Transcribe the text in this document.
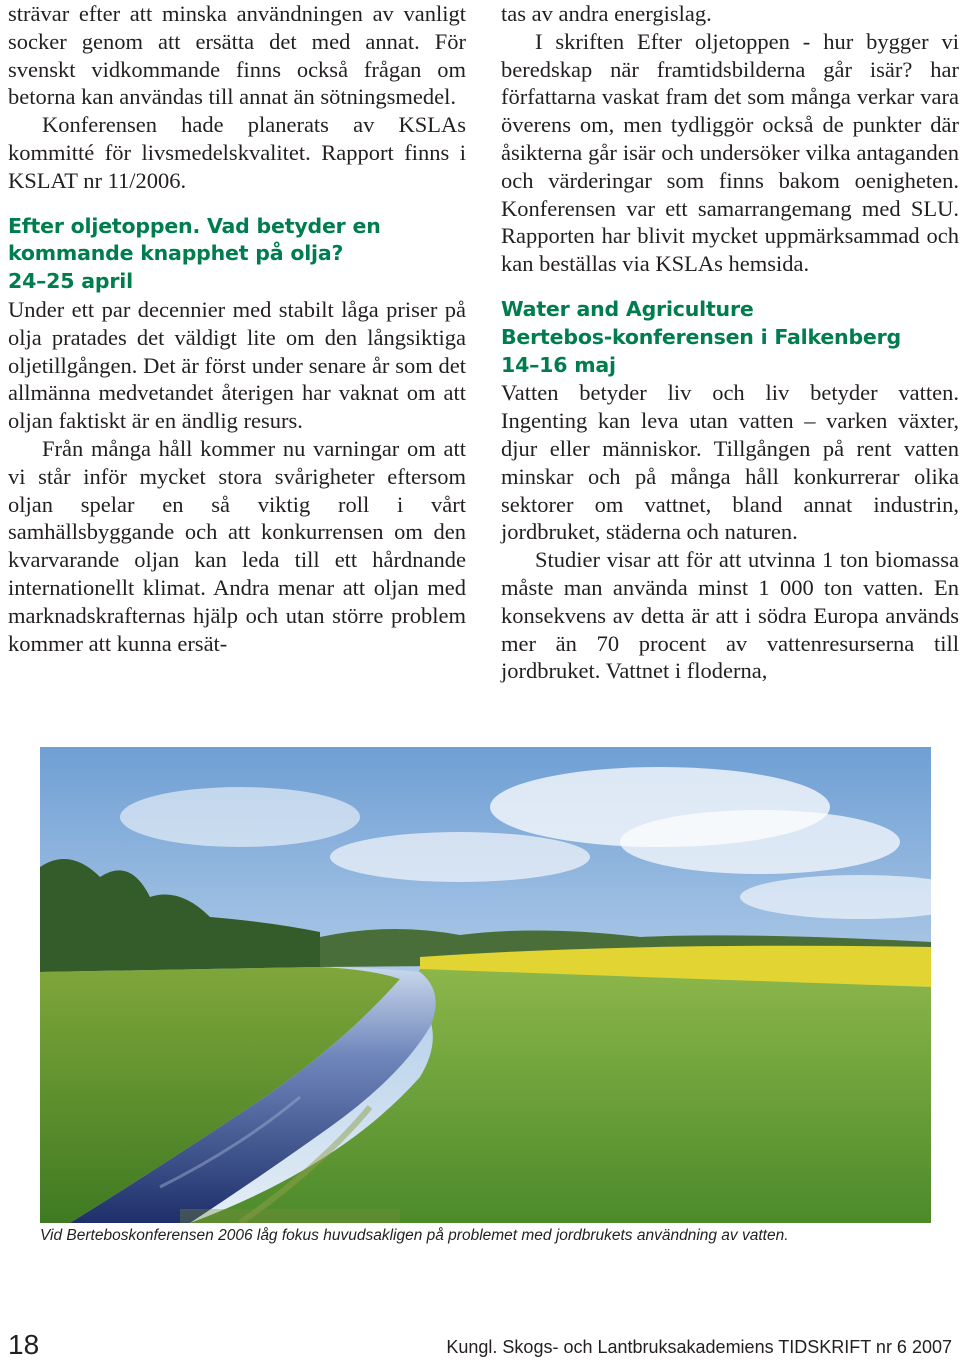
strävar efter att minska användningen av vanligt socker genom att ersätta det med annat. För svenskt vidkommande finns också frågan om betorna kan användas till annat än sötningsmedel.

Konferensen hade planerats av KSLAs kommitté för livsmedelskvalitet. Rapport finns i KSLAT nr 11/2006.

Efter oljetoppen. Vad betyder en
kommande knapphet på olja?
24–25 april

Under ett par decennier med stabilt låga priser på olja pratades det väldigt lite om den långsiktiga oljetillgången. Det är först under senare år som det allmänna medvetandet återigen har vaknat om att oljan faktiskt är en ändlig resurs.

Från många håll kommer nu varningar om att vi står inför mycket stora svårigheter eftersom oljan spelar en så viktig roll i vårt samhällsbyggande och att konkurrensen om den kvarvarande oljan kan leda till ett hårdnande internationellt klimat. Andra menar att oljan med marknadskrafternas hjälp och utan större problem kommer att kunna ersät-

tas av andra energislag.

I skriften Efter oljetoppen - hur bygger vi beredskap när framtidsbilderna går isär? har författarna vaskat fram det som många verkar vara överens om, men tydliggör också de punkter där åsikterna går isär och undersöker vilka antaganden och värderingar som finns bakom oenigheten. Konferensen var ett samarrangemang med SLU. Rapporten har blivit mycket uppmärksammad och kan beställas via KSLAs hemsida.

Water and Agriculture
Bertebos-konferensen i Falkenberg
14–16 maj

Vatten betyder liv och liv betyder vatten. Ingenting kan leva utan vatten – varken växter, djur eller människor. Tillgången på rent vatten minskar och på många håll konkurrerar olika sektorer om vattnet, bland annat industrin, jordbruket, städerna och naturen.

Studier visar att för att utvinna 1 ton biomassa måste man använda minst 1 000 ton vatten. En konsekvens av detta är att i södra Europa används mer än 70 procent av vattenresurserna till jordbruket. Vattnet i floderna,

Vid Berteboskonferensen 2006 låg fokus huvudsakligen på problemet med jordbrukets användning av vatten.
18	Kungl. Skogs- och Lantbruksakademiens TIDSKRIFT nr 6 2007
